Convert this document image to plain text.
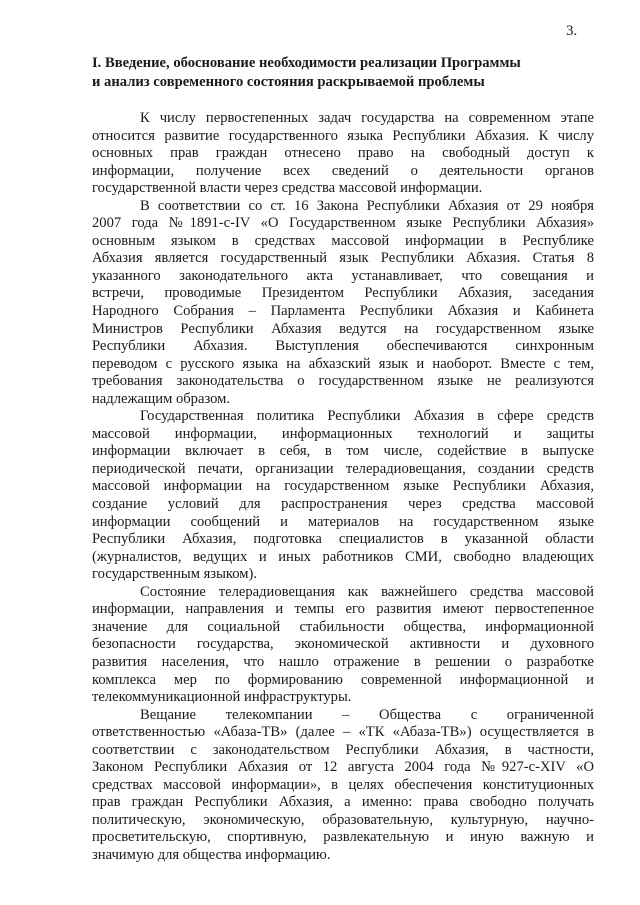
3.
I. Введение, обоснование необходимости реализации Программы
и анализ современного состояния раскрываемой проблемы
К числу первостепенных задач государства на современном этапе
относится развитие государственного языка Республики Абхазия. К числу
основных прав граждан отнесено право на свободный доступ к
информации, получение всех сведений о деятельности органов
государственной власти через средства массовой информации.
В соответствии со ст. 16 Закона Республики Абхазия от 29 ноября
2007 года №1891-с-IV «О Государственном языке Республики Абхазия»
основным языком в средствах массовой информации в Республике
Абхазия является государственный язык Республики Абхазия. Статья 8
указанного законодательного акта устанавливает, что совещания и
встречи, проводимые Президентом Республики Абхазия, заседания
Народного Собрания – Парламента Республики Абхазия и Кабинета
Министров Республики Абхазия ведутся на государственном языке
Республики Абхазия. Выступления обеспечиваются синхронным
переводом с русского языка на абхазский язык и наоборот. Вместе с тем,
требования законодательства о государственном языке не реализуются
надлежащим образом.
Государственная политика Республики Абхазия в сфере средств
массовой информации, информационных технологий и защиты
информации включает в себя, в том числе, содействие в выпуске
периодической печати, организации телерадиовещания, создании средств
массовой информации на государственном языке Республики Абхазия,
создание условий для распространения через средства массовой
информации сообщений и материалов на государственном языке
Республики Абхазия, подготовка специалистов в указанной области
(журналистов, ведущих и иных работников СМИ, свободно владеющих
государственным языком).
Состояние телерадиовещания как важнейшего средства массовой
информации, направления и темпы его развития имеют первостепенное
значение для социальной стабильности общества, информационной
безопасности государства, экономической активности и духовного
развития населения, что нашло отражение в решении о разработке
комплекса мер по формированию современной информационной и
телекоммуникационной инфраструктуры.
Вещание телекомпании – Общества с ограниченной
ответственностью «Абаза-ТВ» (далее – «ТК «Абаза-ТВ») осуществляется в
соответствии с законодательством Республики Абхазия, в частности,
Законом Республики Абхазия от 12 августа 2004 года №927-с-XIV «О
средствах массовой информации», в целях обеспечения конституционных
прав граждан Республики Абхазия, а именно: права свободно получать
политическую, экономическую, образовательную, культурную, научно-
просветительскую, спортивную, развлекательную и иную важную и
значимую для общества информацию.
